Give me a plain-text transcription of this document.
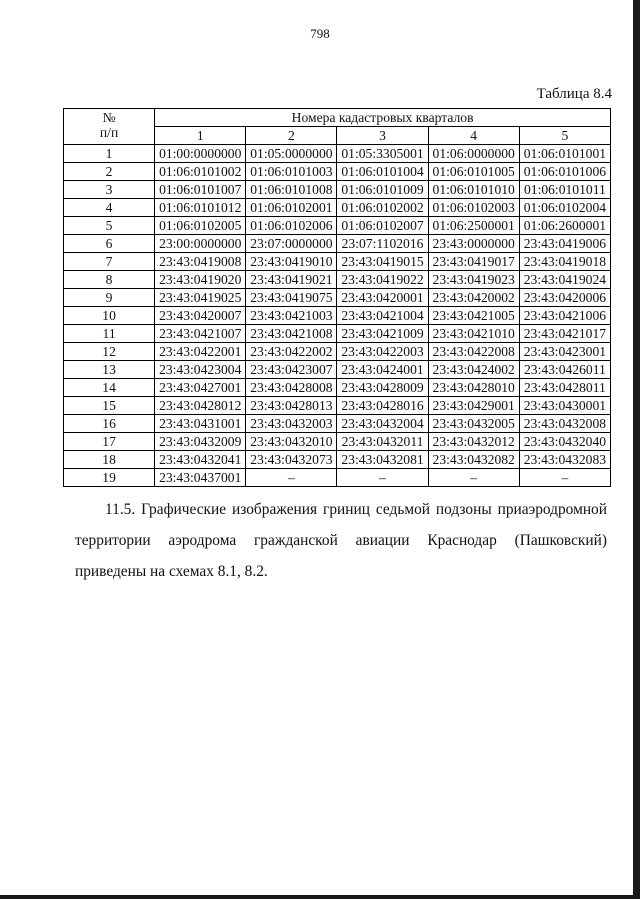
798
Таблица 8.4
№
п/п	Номера кадастровых кварталов				
	1	2	3	4	5
1	01:00:0000000	01:05:0000000	01:05:3305001	01:06:0000000	01:06:0101001
2	01:06:0101002	01:06:0101003	01:06:0101004	01:06:0101005	01:06:0101006
3	01:06:0101007	01:06:0101008	01:06:0101009	01:06:0101010	01:06:0101011
4	01:06:0101012	01:06:0102001	01:06:0102002	01:06:0102003	01:06:0102004
5	01:06:0102005	01:06:0102006	01:06:0102007	01:06:2500001	01:06:2600001
6	23:00:0000000	23:07:0000000	23:07:1102016	23:43:0000000	23:43:0419006
7	23:43:0419008	23:43:0419010	23:43:0419015	23:43:0419017	23:43:0419018
8	23:43:0419020	23:43:0419021	23:43:0419022	23:43:0419023	23:43:0419024
9	23:43:0419025	23:43:0419075	23:43:0420001	23:43:0420002	23:43:0420006
10	23:43:0420007	23:43:0421003	23:43:0421004	23:43:0421005	23:43:0421006
11	23:43:0421007	23:43:0421008	23:43:0421009	23:43:0421010	23:43:0421017
12	23:43:0422001	23:43:0422002	23:43:0422003	23:43:0422008	23:43:0423001
13	23:43:0423004	23:43:0423007	23:43:0424001	23:43:0424002	23:43:0426011
14	23:43:0427001	23:43:0428008	23:43:0428009	23:43:0428010	23:43:0428011
15	23:43:0428012	23:43:0428013	23:43:0428016	23:43:0429001	23:43:0430001
16	23:43:0431001	23:43:0432003	23:43:0432004	23:43:0432005	23:43:0432008
17	23:43:0432009	23:43:0432010	23:43:0432011	23:43:0432012	23:43:0432040
18	23:43:0432041	23:43:0432073	23:43:0432081	23:43:0432082	23:43:0432083
19	23:43:0437001	–	–	–	–
11.5. Графические изображения гриниц седьмой подзоны приаэродромной территории аэродрома гражданской авиации Краснодар (Пашковский) приведены на схемах 8.1, 8.2.
